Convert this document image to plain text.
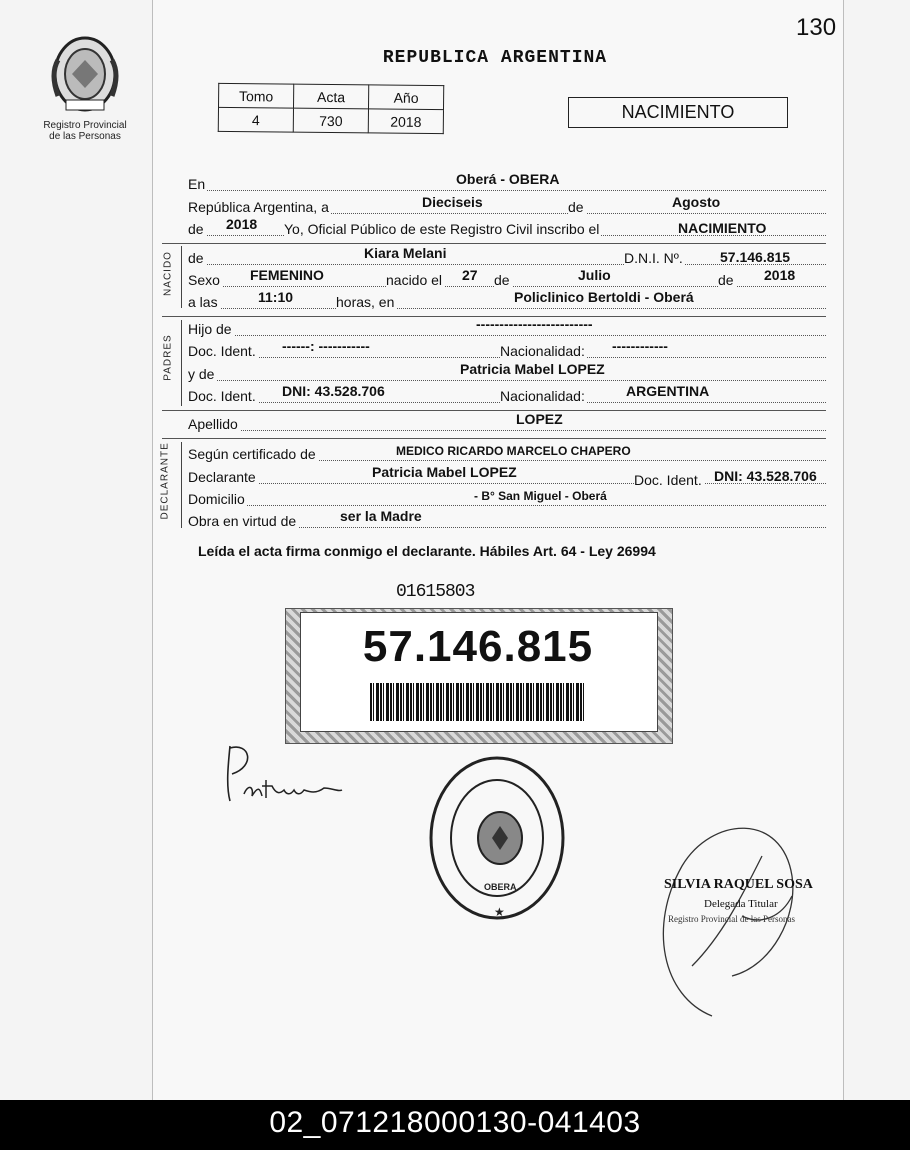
130
Registro Provincial
de las Personas
REPUBLICA ARGENTINA
Tomo	Acta	Año
4	730	2018	NACIMIENTO
En	Oberá - OBERA
República Argentina, a	Dieciseis	de	Agosto
de 2018 Yo, Oficial Público de este Registro Civil inscribo el	NACIMIENTO
NACIDO de	Kiara Melani	D.N.I. Nº.	57.146.815
Sexo FEMENINO	nacido el 27 de	Julio	de 2018
a las	11:10	horas, en	Policlinico Bertoldi - Oberá
PADRES
Hijo de	-------------------------
Doc. Ident. ------: -----------	Nacionalidad: ------------
y de	Patricia Mabel LOPEZ
Doc. Ident. DNI: 43.528.706	Nacionalidad:	ARGENTINA
Apellido	LOPEZ
DECLARANTE Según certificado de	MEDICO RICARDO MARCELO CHAPERO
Declarante	Patricia Mabel LOPEZ	Doc. Ident. DNI: 43.528.706
Domicilio	- B° San Miguel - Oberá
Obra en virtud de	ser la Madre
Leída el acta firma conmigo el declarante. Hábiles Art. 64 - Ley 26994
01615803
57.146.815
OBERA
★
SILVIA RAQUEL SOSA
Delegada Titular
Registro Provincial de las Personas
02_071218000130-041403
